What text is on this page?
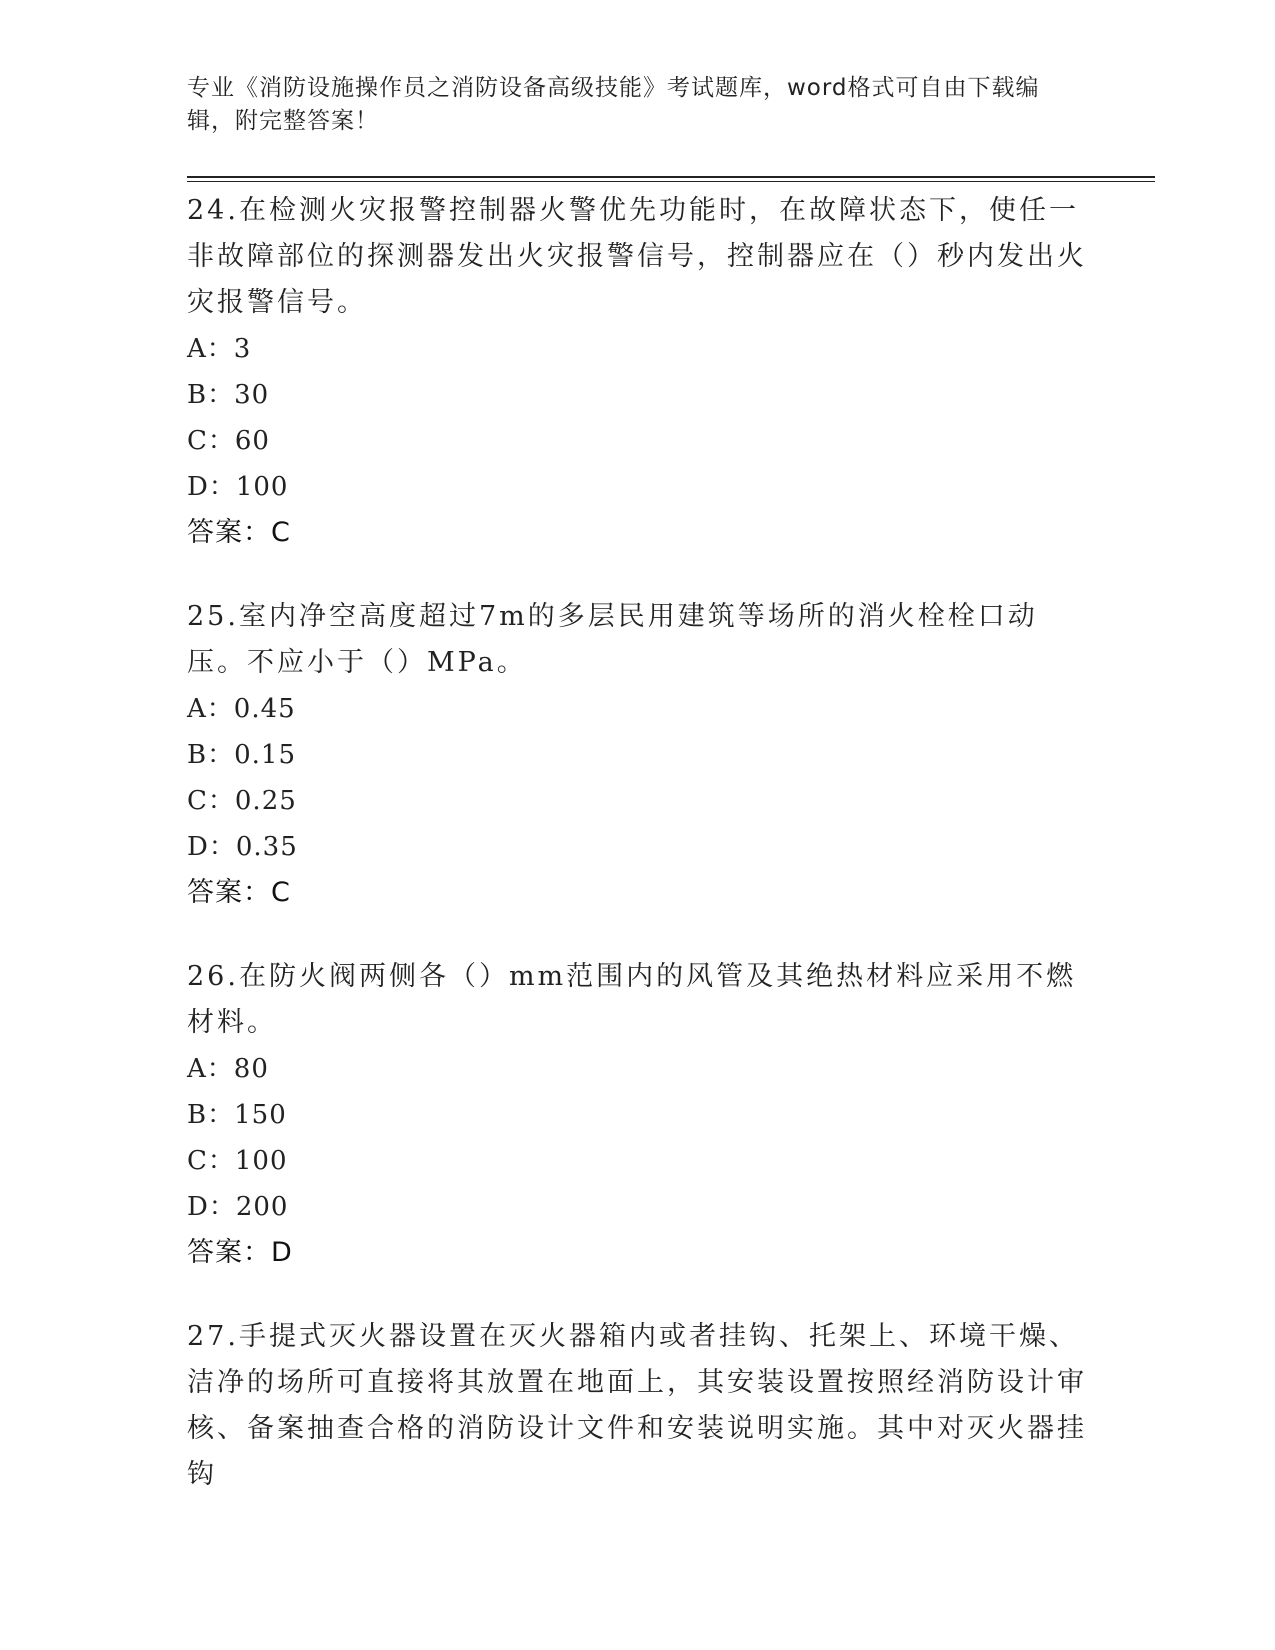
专业《消防设施操作员之消防设备高级技能》考试题库，word格式可自由下载编辑，附完整答案！

24.在检测火灾报警控制器火警优先功能时，在故障状态下，使任一非故障部位的探测器发出火灾报警信号，控制器应在（）秒内发出火灾报警信号。

A：3

B：30

C：60

D：100

答案：C

25.室内净空高度超过7m的多层民用建筑等场所的消火栓栓口动压。不应小于（）MPa。

A：0.45

B：0.15

C：0.25

D：0.35

答案：C

26.在防火阀两侧各（）mm范围内的风管及其绝热材料应采用不燃材料。

A：80

B：150

C：100

D：200

答案：D

27.手提式灭火器设置在灭火器箱内或者挂钩、托架上、环境干燥、洁净的场所可直接将其放置在地面上，其安装设置按照经消防设计审核、备案抽查合格的消防设计文件和安装说明实施。其中对灭火器挂钩
